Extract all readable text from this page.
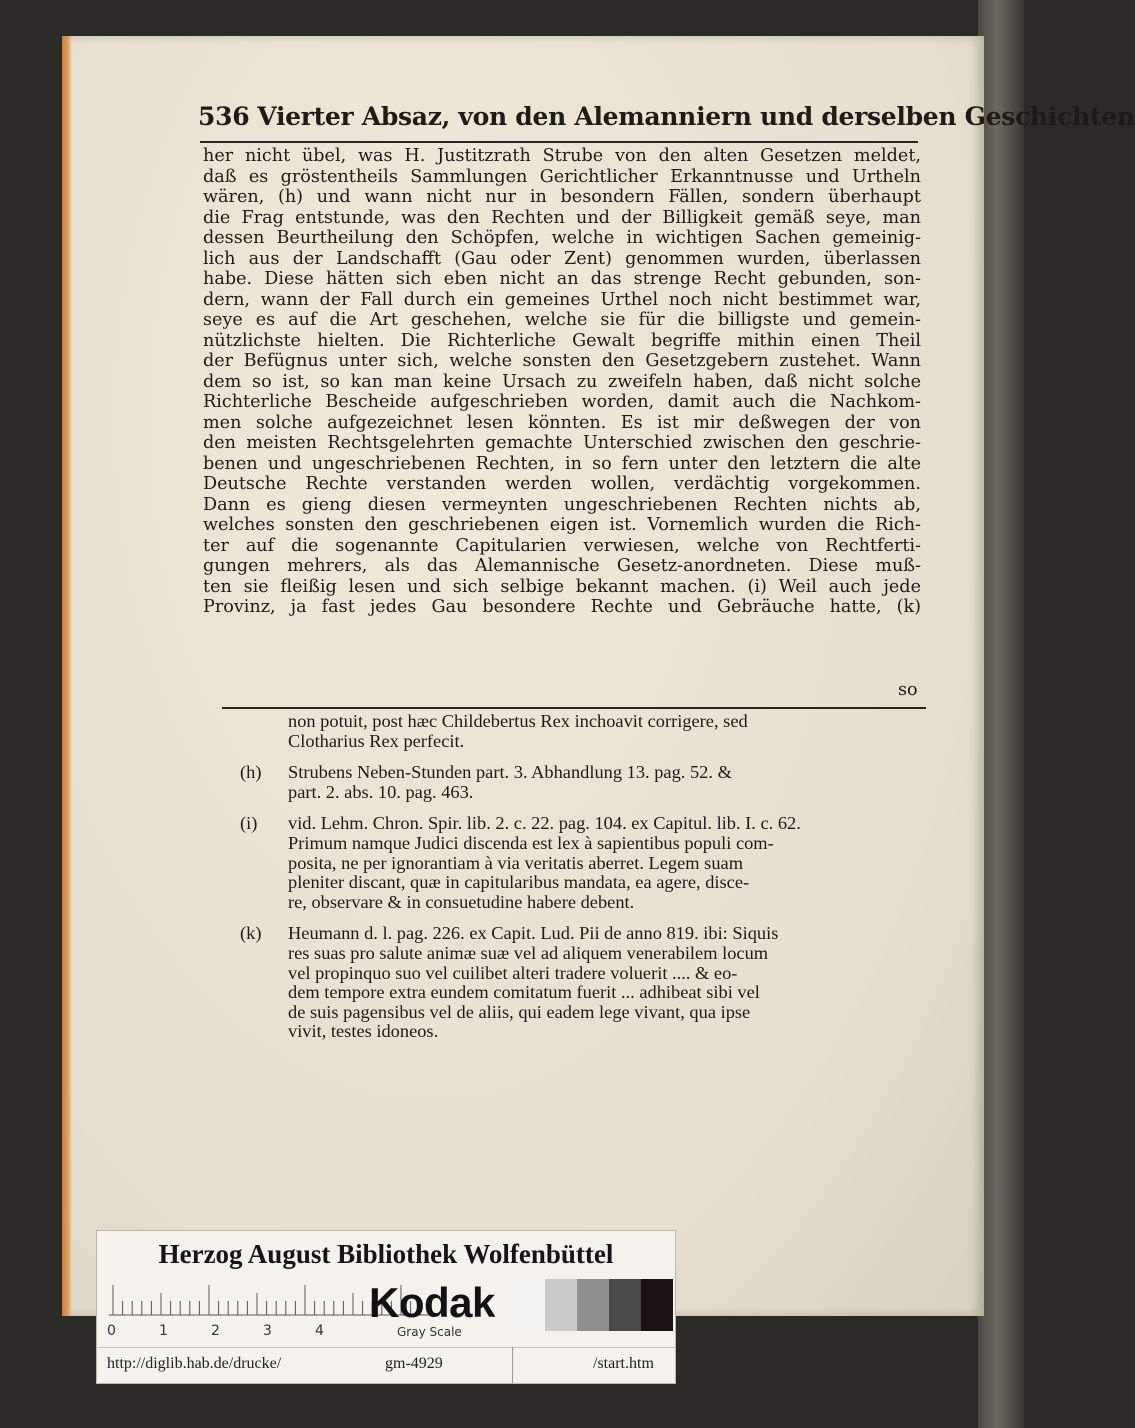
536 Vierter Absaz, von den Alemanniern und derselben Geschichten
her nicht übel, was H. Justitzrath Strube von den alten Gesetzen meldet,
daß es gröstentheils Sammlungen Gerichtlicher Erkanntnusse und Urtheln
wären, (h) und wann nicht nur in besondern Fällen, sondern überhaupt
die Frag entstunde, was den Rechten und der Billigkeit gemäß seye, man
dessen Beurtheilung den Schöpfen, welche in wichtigen Sachen gemeinig-
lich aus der Landschafft (Gau oder Zent) genommen wurden, überlassen
habe. Diese hätten sich eben nicht an das strenge Recht gebunden, son-
dern, wann der Fall durch ein gemeines Urthel noch nicht bestimmet war,
seye es auf die Art geschehen, welche sie für die billigste und gemein-
nützlichste hielten. Die Richterliche Gewalt begriffe mithin einen Theil
der Befügnus unter sich, welche sonsten den Gesetzgebern zustehet. Wann
dem so ist, so kan man keine Ursach zu zweifeln haben, daß nicht solche
Richterliche Bescheide aufgeschrieben worden, damit auch die Nachkom-
men solche aufgezeichnet lesen könnten. Es ist mir deßwegen der von
den meisten Rechtsgelehrten gemachte Unterschied zwischen den geschrie-
benen und ungeschriebenen Rechten, in so fern unter den letztern die alte
Deutsche Rechte verstanden werden wollen, verdächtig vorgekommen.
Dann es gieng diesen vermeynten ungeschriebenen Rechten nichts ab,
welches sonsten den geschriebenen eigen ist. Vornemlich wurden die Rich-
ter auf die sogenannte Capitularien verwiesen, welche von Rechtferti-
gungen mehrers, als das Alemannische Gesetz-anordneten. Diese muß-
ten sie fleißig lesen und sich selbige bekannt machen. (i) Weil auch jede
Provinz, ja fast jedes Gau besondere Rechte und Gebräuche hatte, (k)
so
non potuit, post hæc Childebertus Rex inchoavit corrigere, sed
Clotharius Rex perfecit.
(h)	Strubens Neben-Stunden part. 3. Abhandlung 13. pag. 52. &
part. 2. abs. 10. pag. 463.
(i)	vid. Lehm. Chron. Spir. lib. 2. c. 22. pag. 104. ex Capitul. lib. I. c. 62.
Primum namque Judici discenda est lex à sapientibus populi com-
posita, ne per ignorantiam à via veritatis aberret. Legem suam
pleniter discant, quæ in capitularibus mandata, ea agere, disce-
re, observare & in consuetudine habere debent.
(k)	Heumann d. l. pag. 226. ex Capit. Lud. Pii de anno 819. ibi: Siquis
res suas pro salute animæ suæ vel ad aliquem venerabilem locum
vel propinquo suo vel cuilibet alteri tradere voluerit .... & eo-
dem tempore extra eundem comitatum fuerit ... adhibeat sibi vel
de suis pagensibus vel de aliis, qui eadem lege vivant, qua ipse
vivit, testes idoneos.
Herzog August Bibliothek Wolfenbüttel
0	1	2	3	4
Kodak
Gray Scale
http://diglib.hab.de/drucke/	gm-4929	/start.htm
